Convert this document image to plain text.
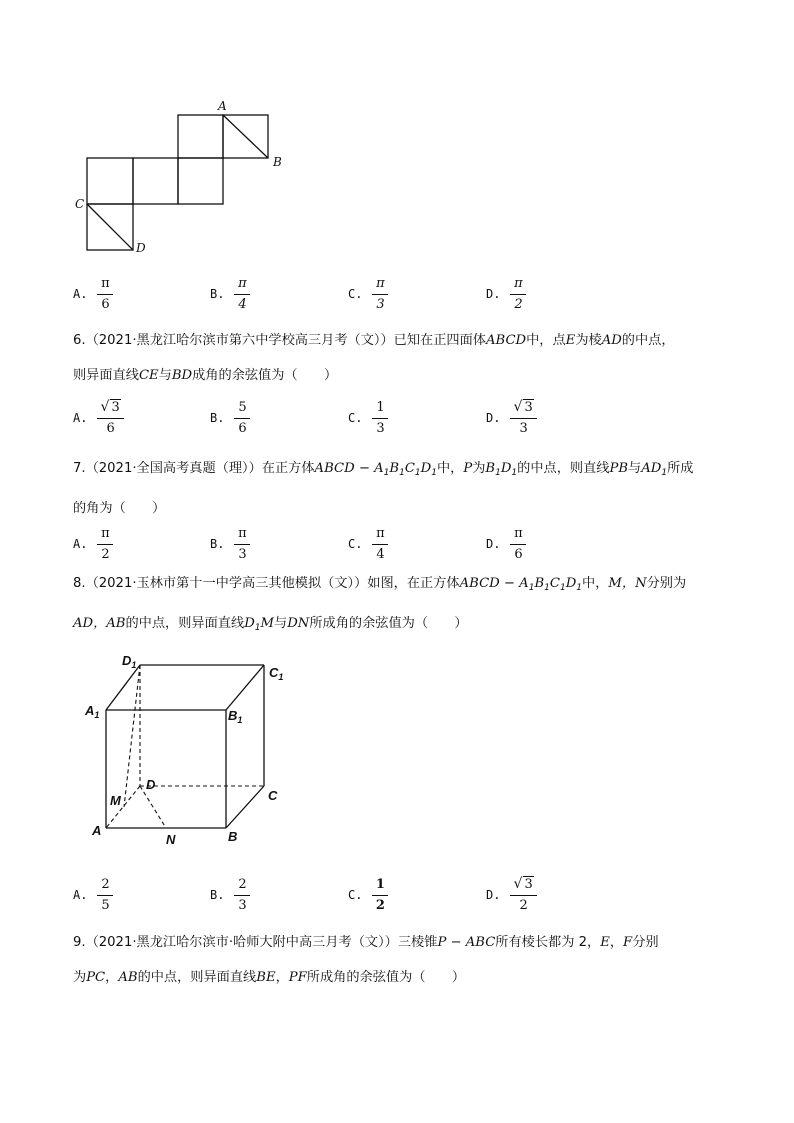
A
B
C
D
A. $\frac{\pi}{6}$	B. $\frac{\pi}{4}$	C. $\frac{\pi}{3}$	D. $\frac{\pi}{2}$
6.（2021·黑龙江哈尔滨市第六中学校高三月考（文））已知在正四面体ABCD中，点E为棱AD的中点，
则异面直线CE与BD成角的余弦值为（　　）
A. √ $\frac{3}{6}$	B. $\frac{5}{6}$	C. $\frac{1}{3}$	D. √ $\frac{3}{3}$
7.（2021·全国高考真题（理））在正方体ABCD − $A_1B_1C_1D_1$中，P为$B_1D_1$的中点，则直线PB与$AD_1$所成
的角为（　　）
A. $\frac{\pi}{2}$	B. $\frac{\pi}{3}$	C. $\frac{\pi}{4}$	D. $\frac{\pi}{6}$
8.（2021·玉林市第十一中学高三其他模拟（文））如图，在正方体ABCD − $A_1B_1C_1D_1$中，M，N分别为
AD，AB的中点，则异面直线$D_1M$与DN所成角的余弦值为（　　）
$D_1$	$C_1$
$A_1$	$B_1$
D
C
M
A
N	B
A. $\frac{2}{5}$	B. $\frac{2}{3}$	C. $\frac{1}{2}$	D. √ $\frac{3}{2}$
9.（2021·黑龙江哈尔滨市·哈师大附中高三月考（文））三棱锥P − ABC所有棱长都为 2，E，F分别
为PC，AB的中点，则异面直线BE，PF所成角的余弦值为（　　）
